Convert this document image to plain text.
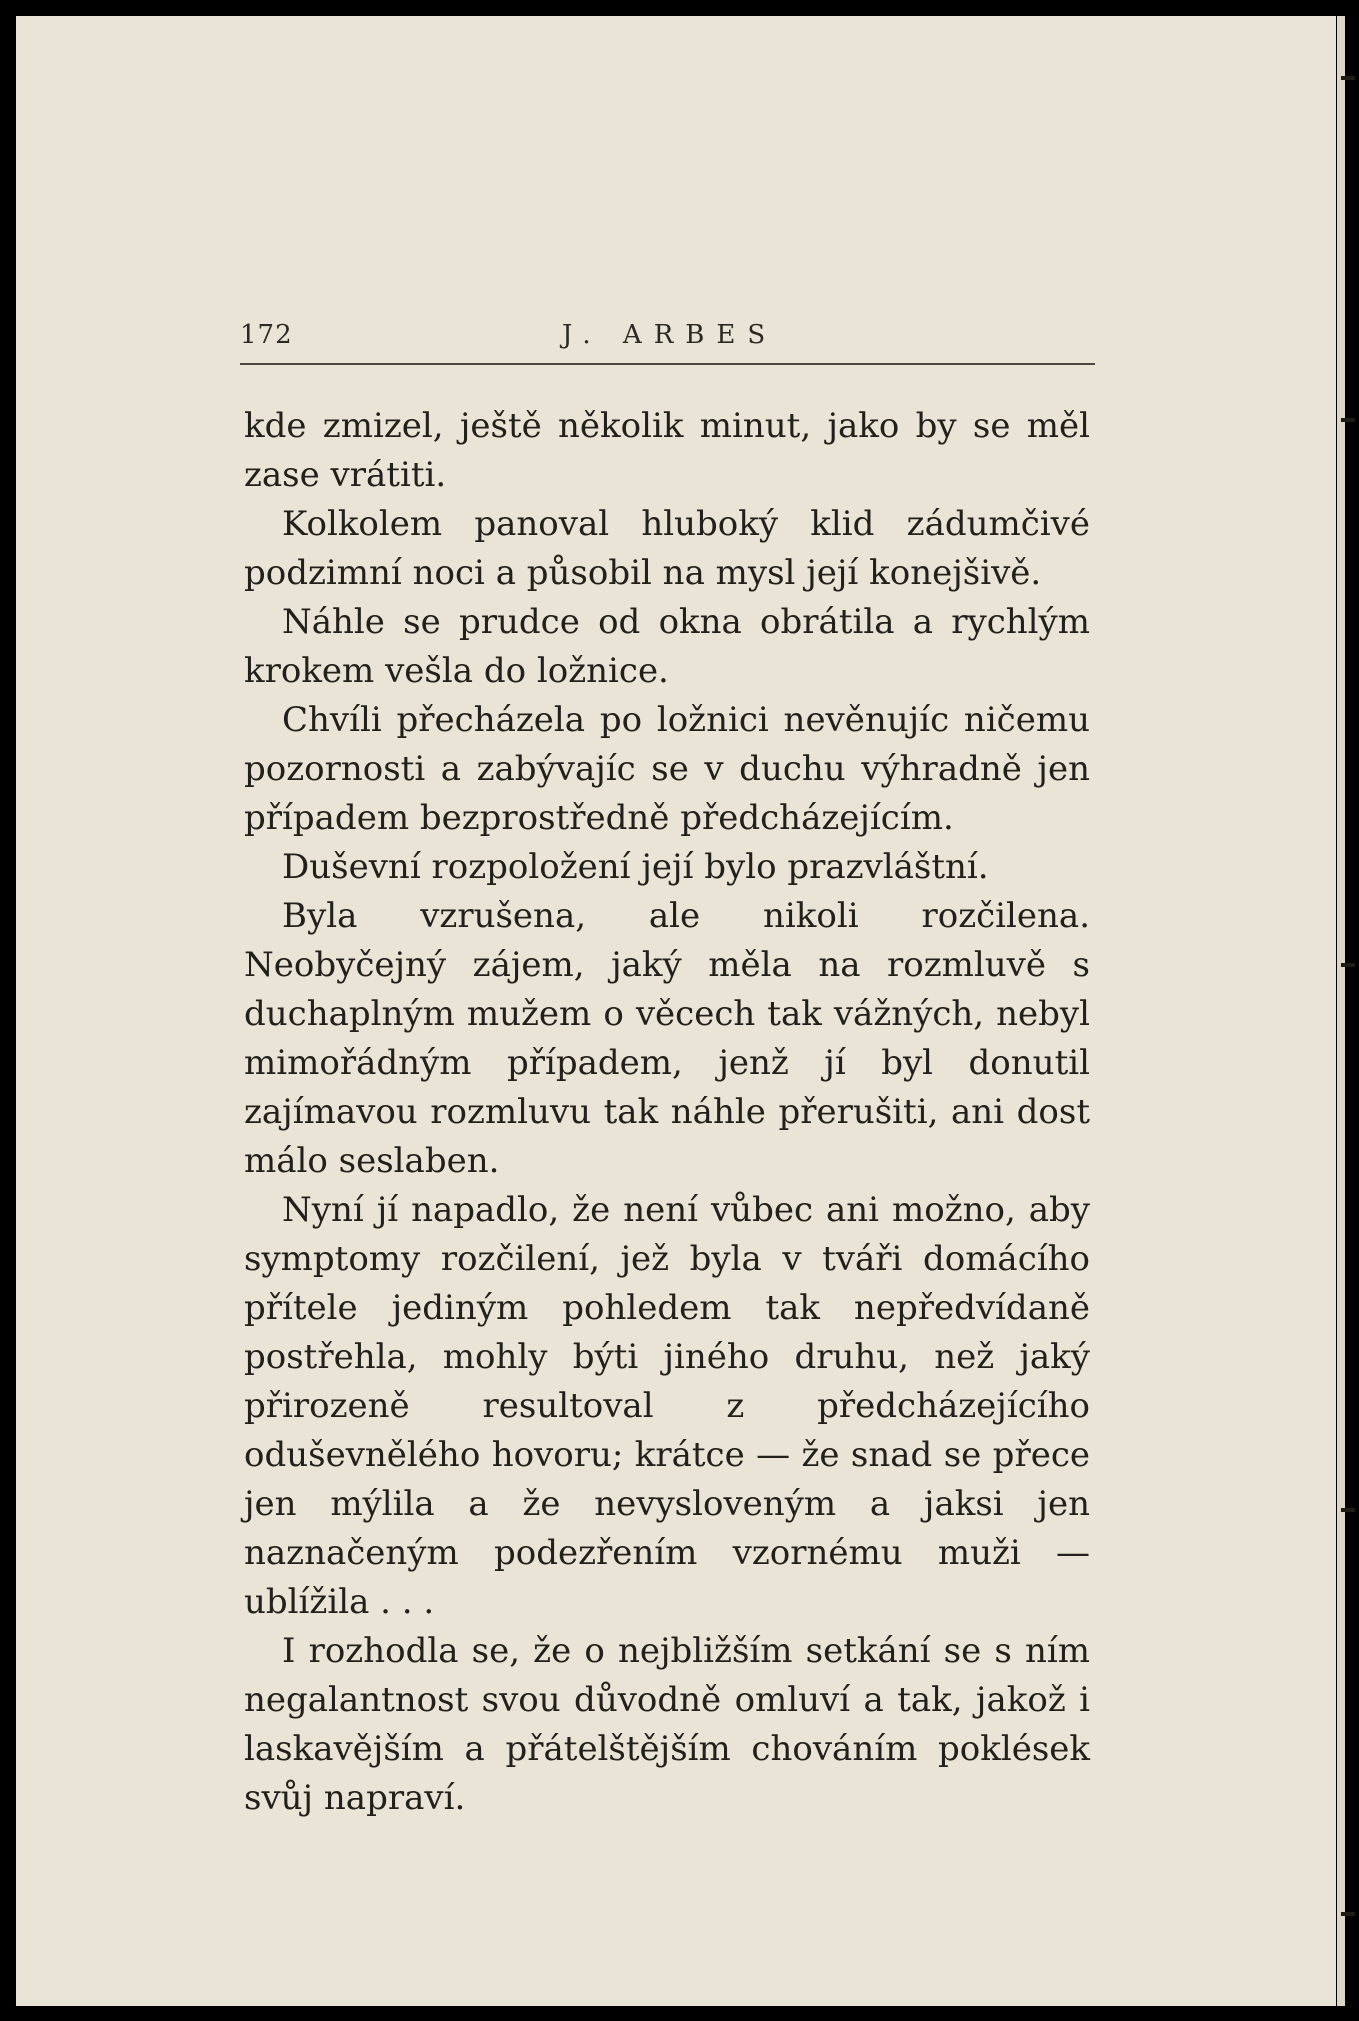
172	J. ARBES

kde zmizel, ještě několik minut, jako by se měl zase vrátiti.

Kolkolem panoval hluboký klid zádumčivé podzimní noci a působil na mysl její konejšivě.

Náhle se prudce od okna obrátila a rychlým krokem vešla do ložnice.

Chvíli přecházela po ložnici nevěnujíc ničemu pozornosti a zabývajíc se v duchu výhradně jen případem bezprostředně předcházejícím.

Duševní rozpoložení její bylo prazvláštní.

Byla vzrušena, ale nikoli rozčilena. Neobyčejný zájem, jaký měla na rozmluvě s duchaplným mužem o věcech tak vážných, nebyl mimořádným případem, jenž jí byl donutil zajímavou rozmluvu tak náhle přerušiti, ani dost málo seslaben.

Nyní jí napadlo, že není vůbec ani možno, aby symptomy rozčilení, jež byla v tváři domácího přítele jediným pohledem tak nepředvídaně postřehla, mohly býti jiného druhu, než jaký přirozeně resultoval z předcházejícího oduševnělého hovoru; krátce — že snad se přece jen mýlila a že nevysloveným a jaksi jen naznačeným podezřením vzornému muži — ublížila . . .

I rozhodla se, že o nejbližším setkání se s ním negalantnost svou důvodně omluví a tak, jakož i laskavějším a přátelštějším chováním poklések svůj napraví.
